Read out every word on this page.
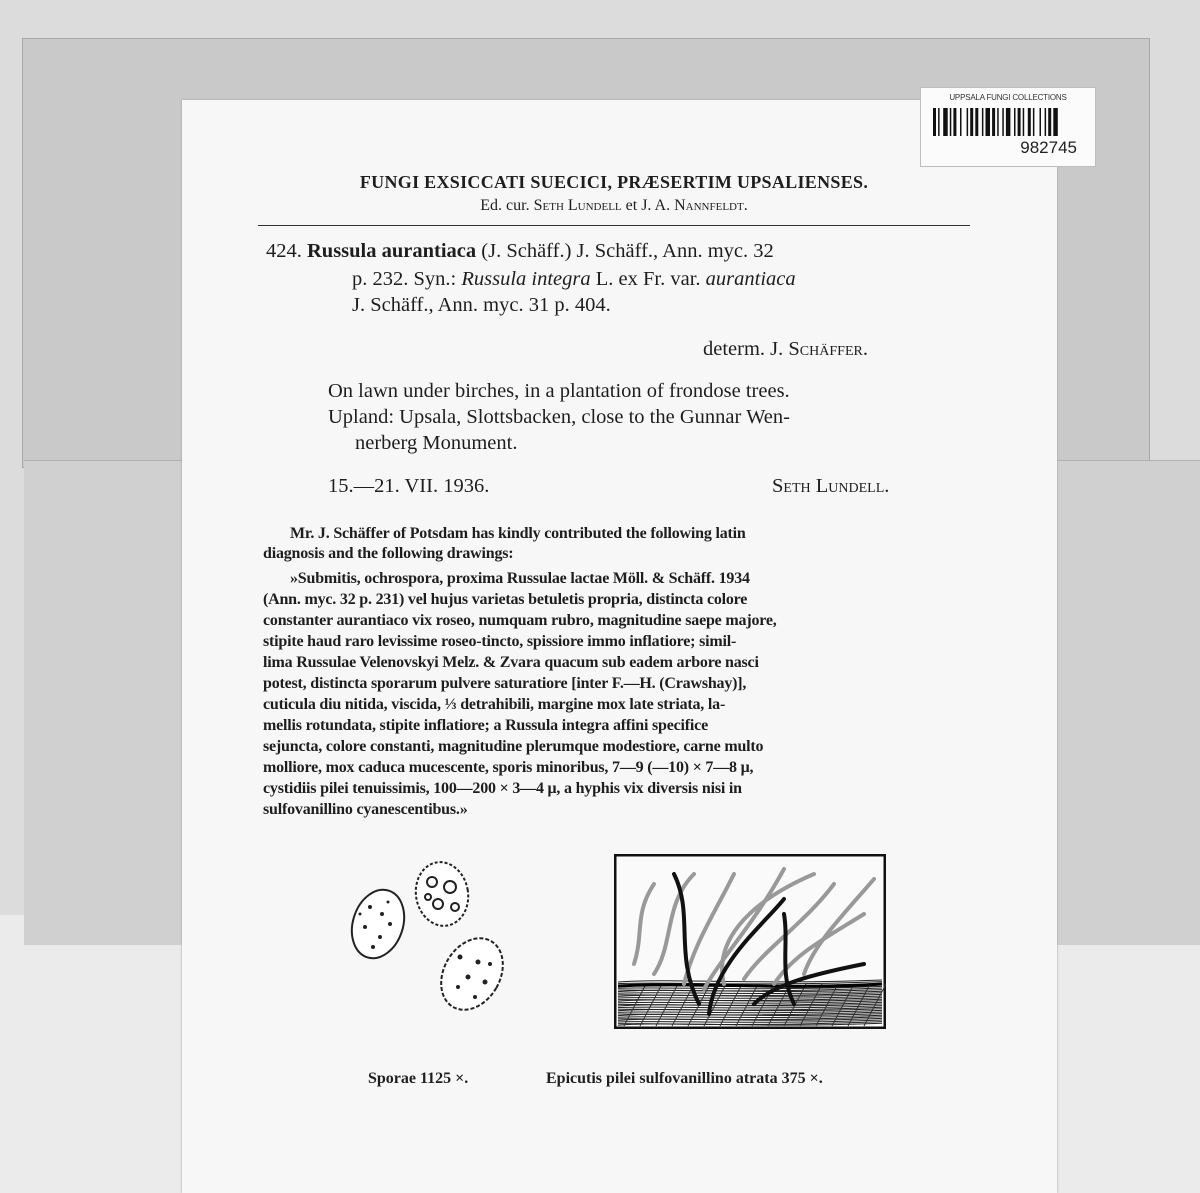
UPPSALA FUNGI COLLECTIONS
982745
FUNGI EXSICCATI SUECICI, PRÆSERTIM UPSALIENSES.
Ed. cur. Seth Lundell et J. A. Nannfeldt.
424. Russula aurantiaca (J. Schäff.) J. Schäff., Ann. myc. 32
p. 232. Syn.: Russula integra L. ex Fr. var. aurantiaca
J. Schäff., Ann. myc. 31 p. 404.
determ. J. Schäffer.
On lawn under birches, in a plantation of frondose trees.
Upland: Upsala, Slottsbacken, close to the Gunnar Wen-
nerberg Monument.
15.—21. VII. 1936.	Seth Lundell.
Mr. J. Schäffer of Potsdam has kindly contributed the following latin
diagnosis and the following drawings:
»Submitis, ochrospora, proxima Russulae lactae Möll. & Schäff. 1934
(Ann. myc. 32 p. 231) vel hujus varietas betuletis propria, distincta colore
constanter aurantiaco vix roseo, numquam rubro, magnitudine saepe majore,
stipite haud raro levissime roseo-tincto, spissiore immo inflatiore; simil-
lima Russulae Velenovskyi Melz. & Zvara quacum sub eadem arbore nasci
potest, distincta sporarum pulvere saturatiore [inter F.—H. (Crawshay)],
cuticula diu nitida, viscida, ⅓ detrahibili, margine mox late striata, la-
mellis rotundata, stipite inflatiore; a Russula integra affini specifice
sejuncta, colore constanti, magnitudine plerumque modestiore, carne multo
molliore, mox caduca mucescente, sporis minoribus, 7—9 (—10) × 7—8 μ,
cystidiis pilei tenuissimis, 100—200 × 3—4 μ, a hyphis vix diversis nisi in
sulfovanillino cyanescentibus.»
Sporae 1125 ×.	Epicutis pilei sulfovanillino atrata 375 ×.
